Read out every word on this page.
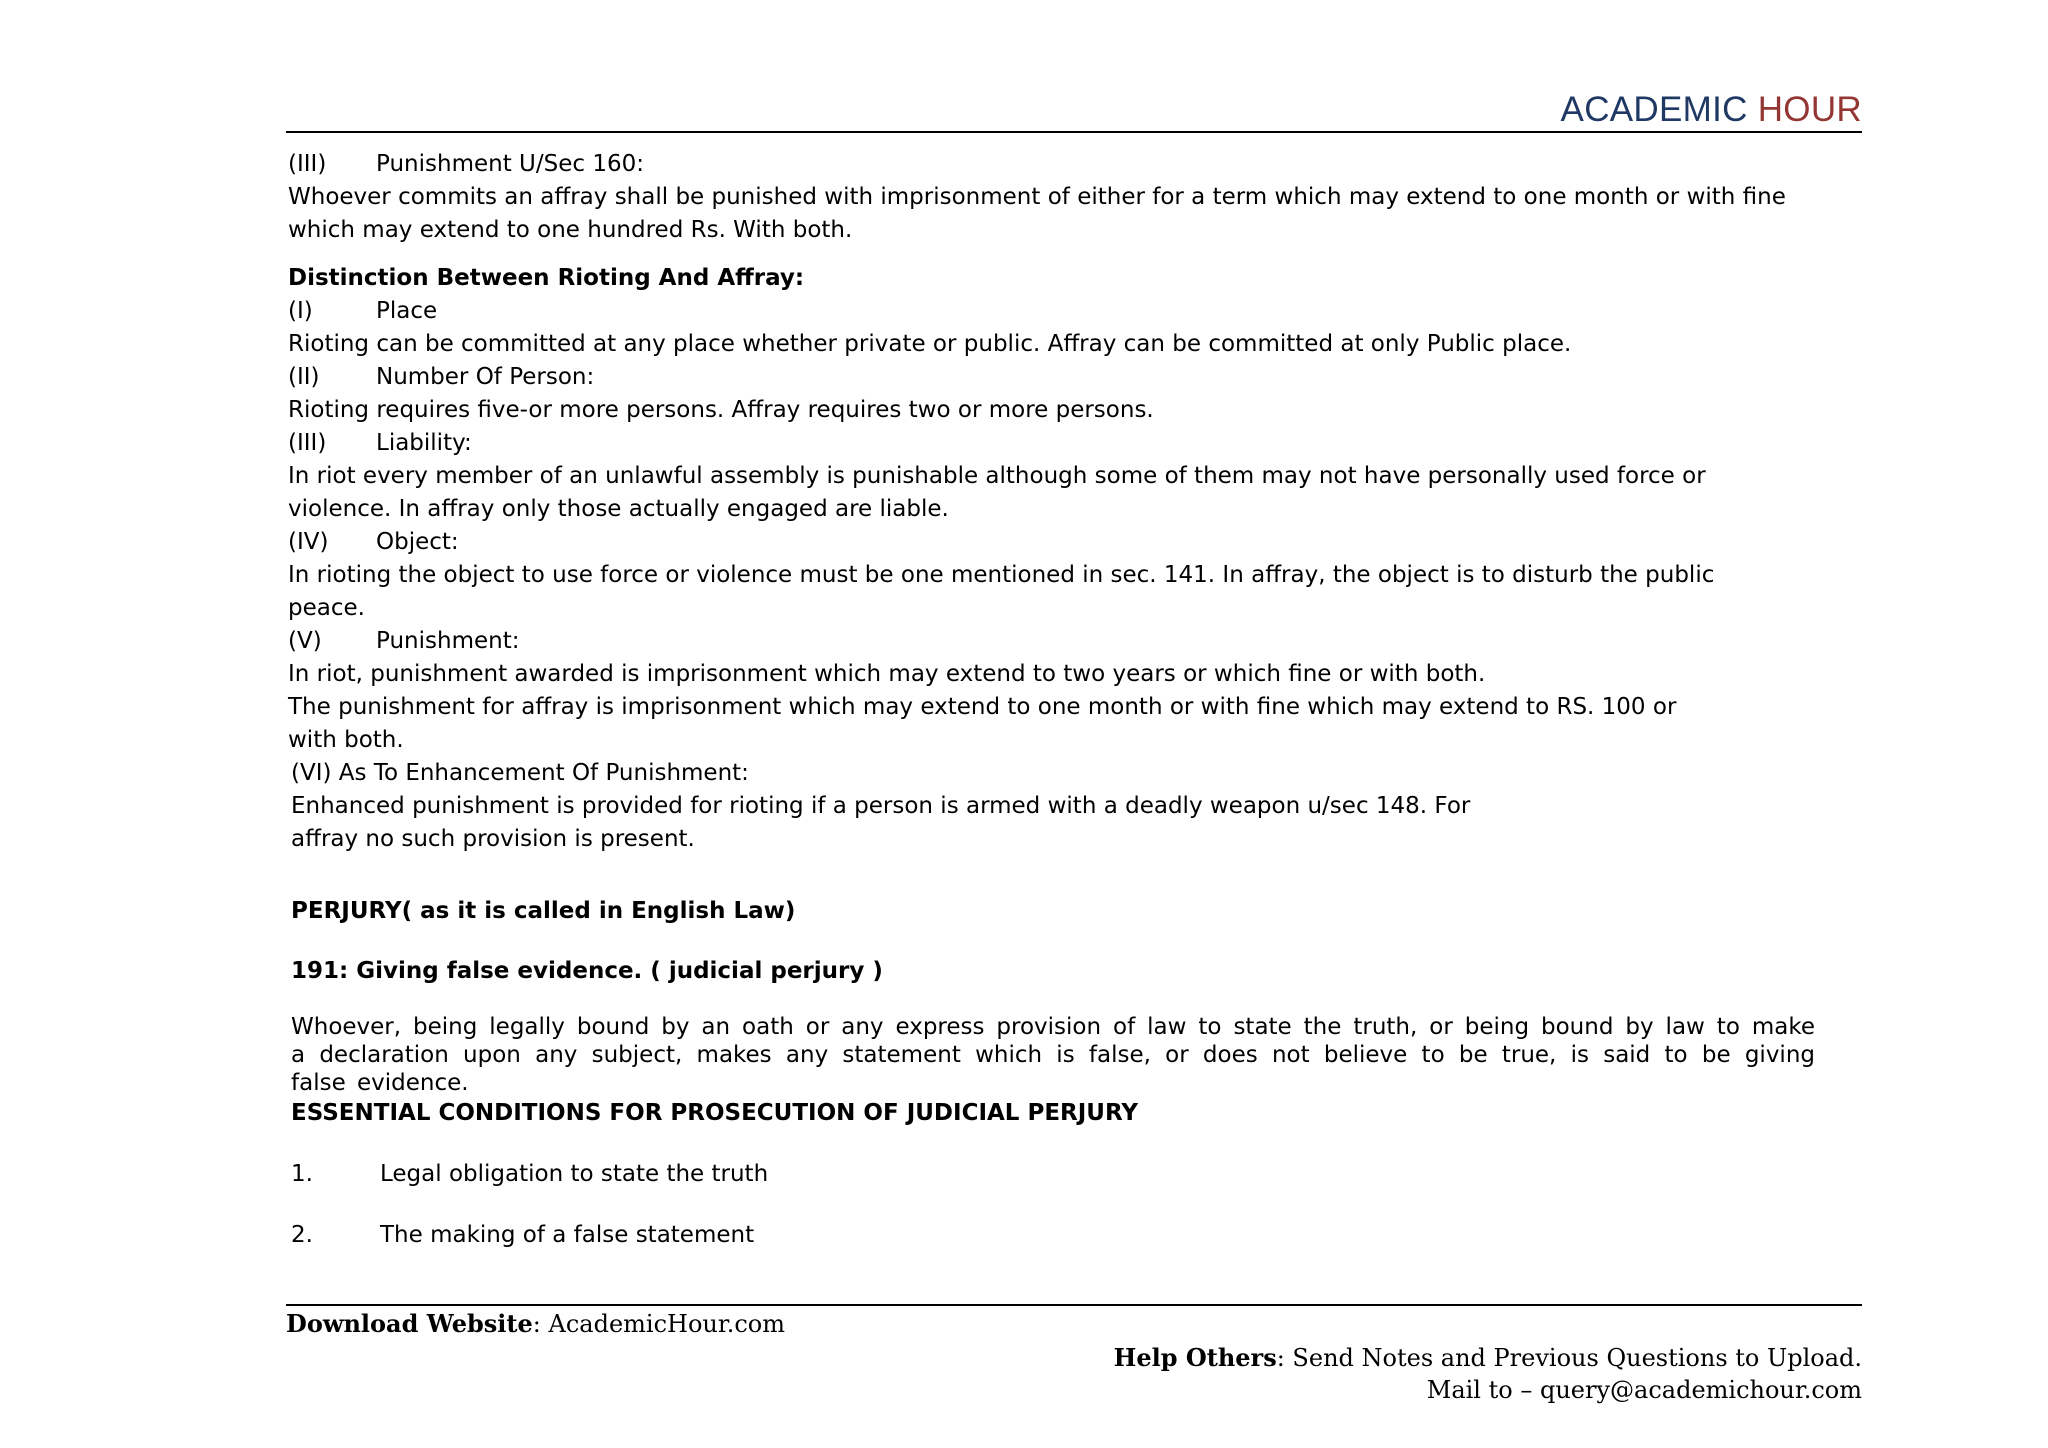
ACADEMIC HOUR
(III) Punishment U/Sec 160:
Whoever commits an affray shall be punished with imprisonment of either for a term which may extend to one month or with fine
which may extend to one hundred Rs. With both.
Distinction Between Rioting And Affray:
(I)	Place
Rioting can be committed at any place whether private or public. Affray can be committed at only Public place.
(II) Number Of Person:
Rioting requires five-or more persons. Affray requires two or more persons.
(III) Liability:
In riot every member of an unlawful assembly is punishable although some of them may not have personally used force or
violence. In affray only those actually engaged are liable.
(IV) Object:
In rioting the object to use force or violence must be one mentioned in sec. 141. In affray, the object is to disturb the public
peace.
(V) Punishment:
In riot, punishment awarded is imprisonment which may extend to two years or which fine or with both.
The punishment for affray is imprisonment which may extend to one month or with fine which may extend to RS. 100 or
with both.
(VI) As To Enhancement Of Punishment:
Enhanced punishment is provided for rioting if a person is armed with a deadly weapon u/sec 148. For
affray no such provision is present.
PERJURY( as it is called in English Law)
191: Giving false evidence. ( judicial perjury )
Whoever, being legally bound by an oath or any express provision of law to state the truth, or being bound by law to make a declaration upon any subject, makes any statement which is false, or does not believe to be true, is said to be giving false evidence.
ESSENTIAL CONDITIONS FOR PROSECUTION OF JUDICIAL PERJURY
1.	Legal obligation to state the truth
2.	The making of a false statement
Download Website: AcademicHour.com
Help Others: Send Notes and Previous Questions to Upload.
Mail to – query@academichour.com
